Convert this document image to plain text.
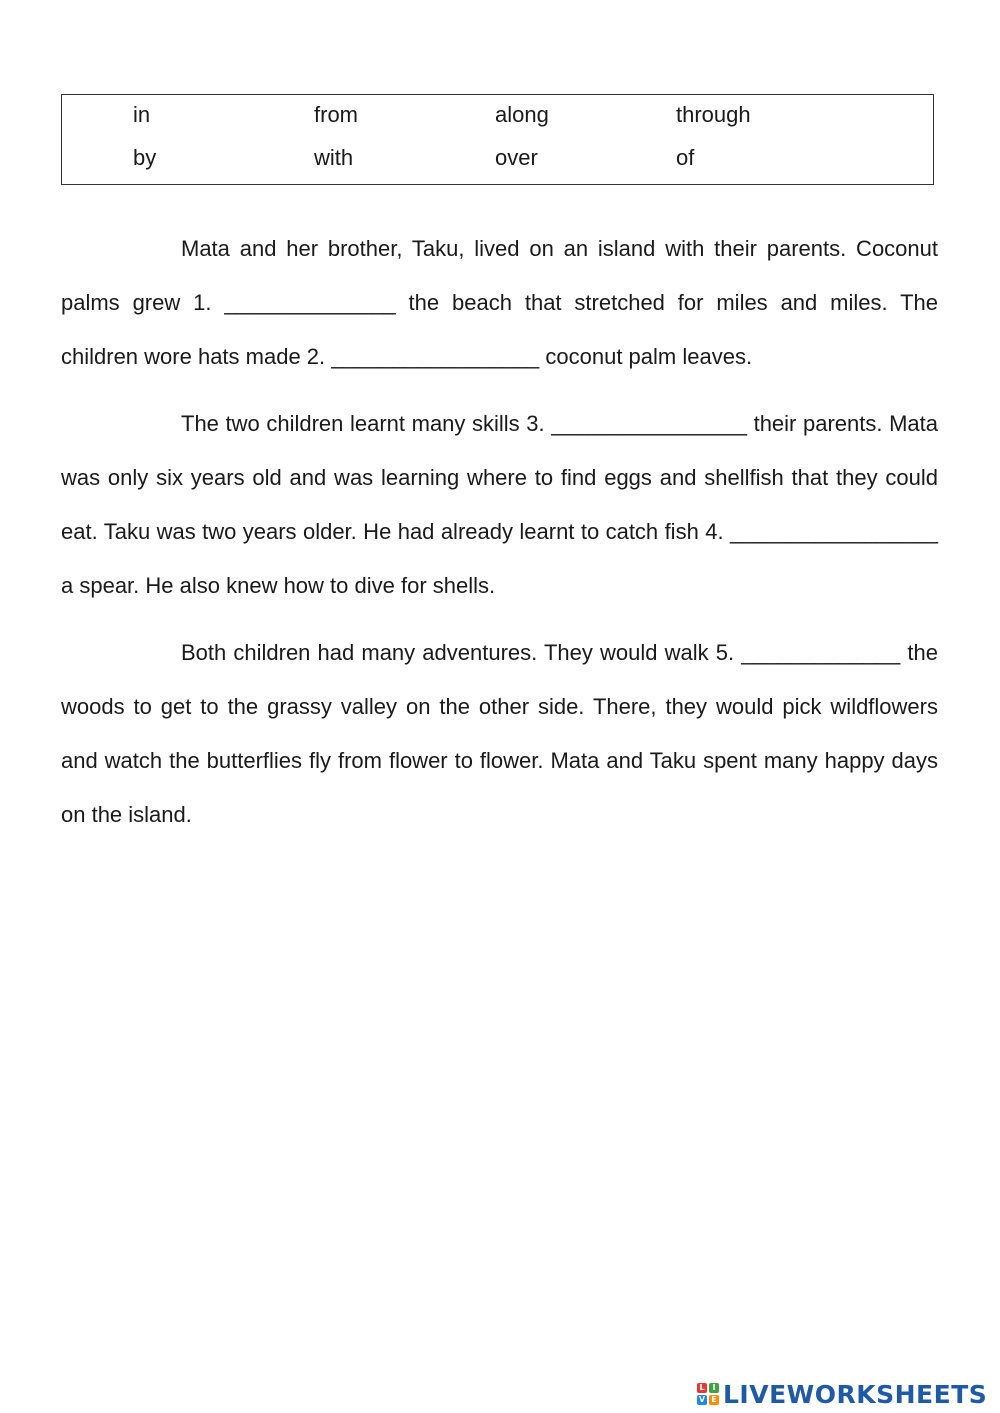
in	from	along	through
by	with	over	of

Mata and her brother, Taku, lived on an island with their parents. Coconut palms grew 1. ______________ the beach that stretched for miles and miles. The children wore hats made 2. _________________ coconut palm leaves.

The two children learnt many skills 3. ________________ their parents. Mata was only six years old and was learning where to find eggs and shellfish that they could eat. Taku was two years older. He had already learnt to catch fish 4. _________________ a spear. He also knew how to dive for shells.

Both children had many adventures. They would walk 5. _____________ the woods to get to the grassy valley on the other side. There, they would pick wildflowers and watch the butterflies fly from flower to flower. Mata and Taku spent many happy days on the island.

L I
V E LIVEWORKSHEETS
